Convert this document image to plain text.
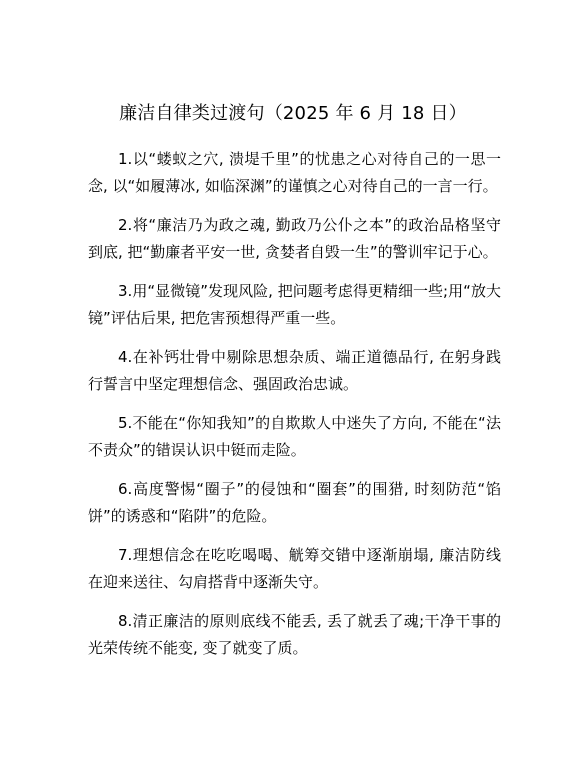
廉洁自律类过渡句（2025 年 6 月 18 日）

1.以“蝼蚁之穴, 溃堤千里”的忧患之心对待自己的一思一念, 以“如履薄冰, 如临深渊”的谨慎之心对待自己的一言一行。

2.将“廉洁乃为政之魂, 勤政乃公仆之本”的政治品格坚守到底, 把“勤廉者平安一世, 贪婪者自毁一生”的警训牢记于心。

3.用“显微镜”发现风险, 把问题考虑得更精细一些;用“放大镜”评估后果, 把危害预想得严重一些。

4.在补钙壮骨中剔除思想杂质、端正道德品行, 在躬身践行誓言中坚定理想信念、强固政治忠诚。

5.不能在“你知我知”的自欺欺人中迷失了方向, 不能在“法不责众”的错误认识中铤而走险。

6.高度警惕“圈子”的侵蚀和“圈套”的围猎, 时刻防范“馅饼”的诱惑和“陷阱”的危险。

7.理想信念在吃吃喝喝、觥筹交错中逐渐崩塌, 廉洁防线在迎来送往、勾肩搭背中逐渐失守。

8.清正廉洁的原则底线不能丢, 丢了就丢了魂;干净干事的光荣传统不能变, 变了就变了质。
